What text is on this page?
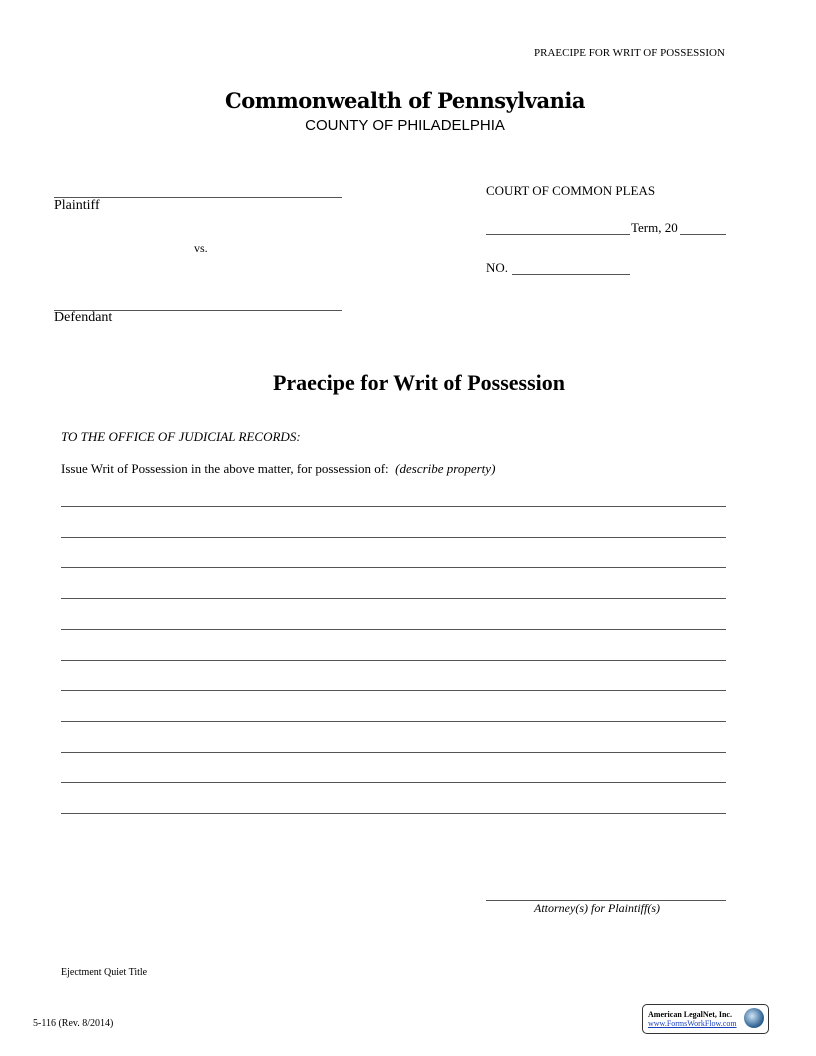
PRAECIPE FOR WRIT OF POSSESSION
Commonwealth of Pennsylvania
COUNTY OF PHILADELPHIA
Plaintiff
vs.
Defendant
COURT OF COMMON PLEAS
Term, 20
NO.
Praecipe for Writ of Possession
TO THE OFFICE OF JUDICIAL RECORDS:
Issue Writ of Possession in the above matter, for possession of: (describe property)
Attorney(s) for Plaintiff(s)
Ejectment Quiet Title
5-116 (Rev. 8/2014)
American LegalNet, Inc.
www.FormsWorkFlow.com
